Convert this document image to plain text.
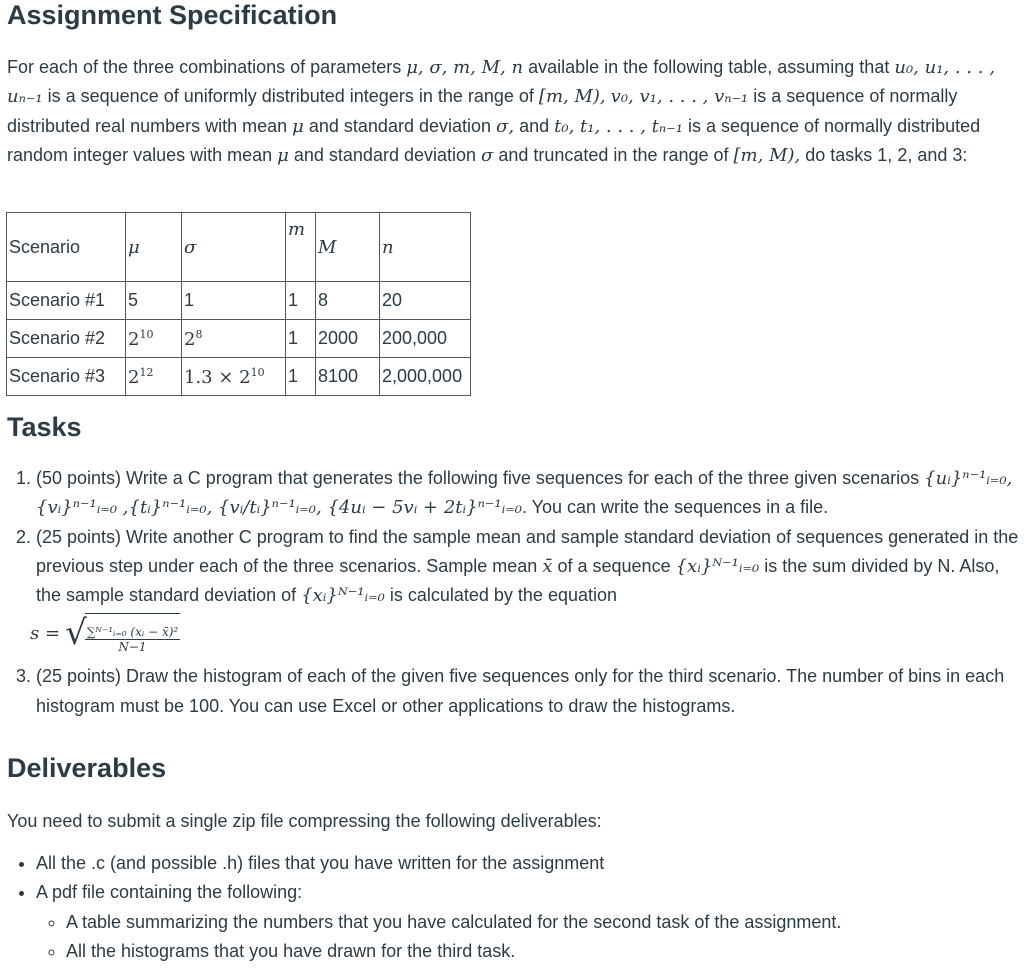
Assignment Specification

For each of the three combinations of parameters μ, σ, m, M, n available in the following table, assuming that u₀, u₁, . . . , uₙ₋₁ is a sequence of uniformly distributed integers in the range of [m, M), v₀, v₁, . . . , vₙ₋₁ is a sequence of normally distributed real numbers with mean μ and standard deviation σ, and t₀, t₁, . . . , tₙ₋₁ is a sequence of normally distributed random integer values with mean μ and standard deviation σ and truncated in the range of [m, M), do tasks 1, 2, and 3:

Scenario	μ	σ	m	M	n
Scenario #1	5	1	1	8	20
Scenario #2	$2^{10}$	$2^8$	1	2000	200,000
Scenario #3	$2^{12}$	$1.3 \times 2^{10}$	1	8100	2,000,000
Tasks
1. (50 points) Write a C program that generates the following five sequences for each of the three given scenarios {uᵢ}ⁿ⁻¹ᵢ₌₀, {vᵢ}ⁿ⁻¹ᵢ₌₀ ,{tᵢ}ⁿ⁻¹ᵢ₌₀, {vᵢ/tᵢ}ⁿ⁻¹ᵢ₌₀, {4uᵢ − 5vᵢ + 2tᵢ}ⁿ⁻¹ᵢ₌₀. You can write the sequences in a file.
2. (25 points) Write another C program to find the sample mean and sample standard deviation of sequences generated in the previous step under each of the three scenarios. Sample mean x̄ of a sequence {xᵢ}ᴺ⁻¹ᵢ₌₀ is the sum divided by N. Also, the sample standard deviation of {xᵢ}ᴺ⁻¹ᵢ₌₀ is calculated by the equation
s =
√
$\frac{\text{∑ᴺ⁻¹ᵢ₌₀ (xᵢ − x̄)²}}{N-1}$
3. (25 points) Draw the histogram of each of the given five sequences only for the third scenario. The number of bins in each histogram must be 100. You can use Excel or other applications to draw the histograms.
Deliverables

You need to submit a single zip file compressing the following deliverables:

• All the .c (and possible .h) files that you have written for the assignment
• A pdf file containing the following:
◦ A table summarizing the numbers that you have calculated for the second task of the assignment.
◦ All the histograms that you have drawn for the third task.
